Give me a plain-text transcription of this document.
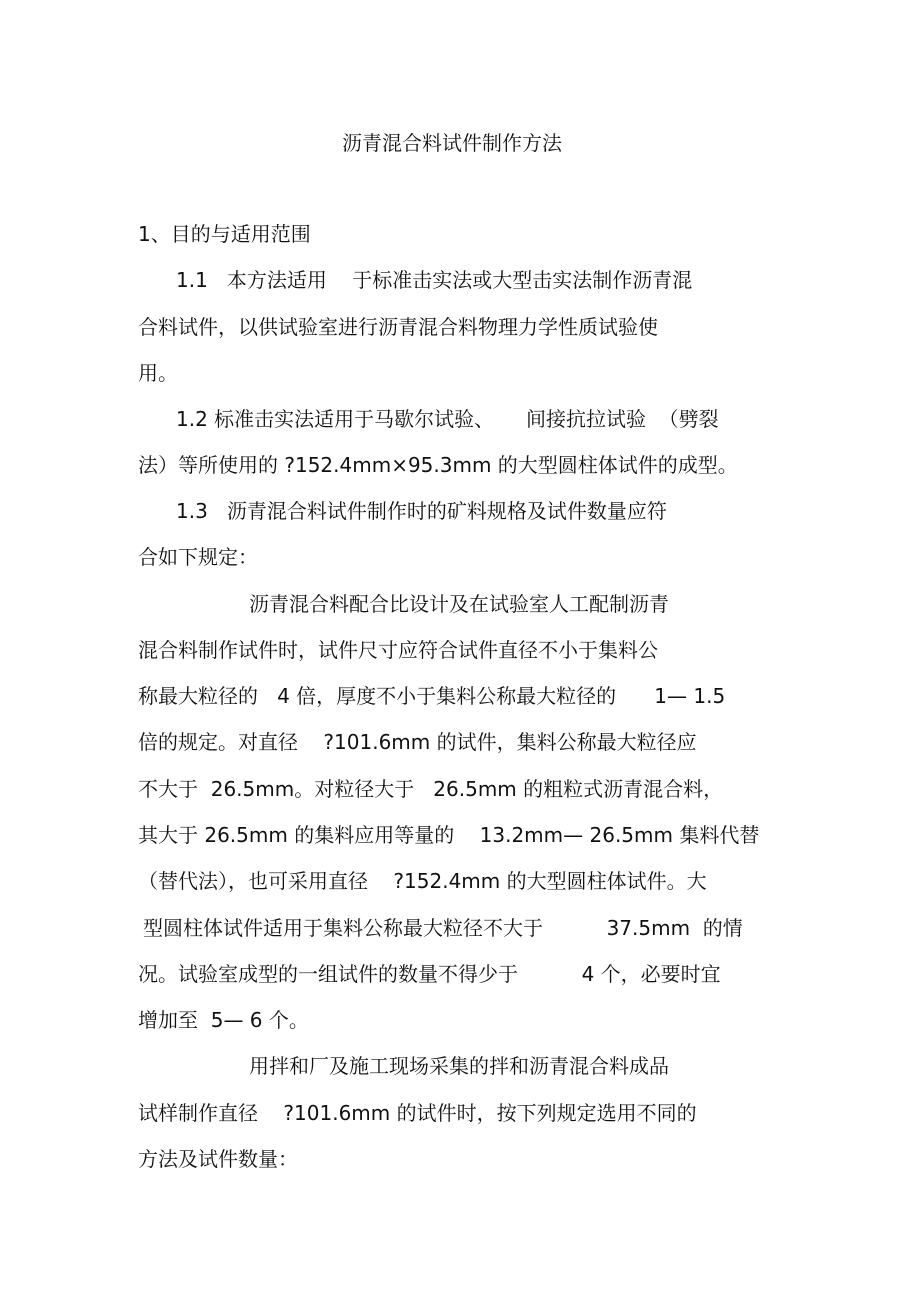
沥青混合料试件制作方法
1、目的与适用范围
1.1   本方法适用    于标准击实法或大型击实法制作沥青混
合料试件，以供试验室进行沥青混合料物理力学性质试验使
用。
1.2 标准击实法适用于马歇尔试验、     间接抗拉试验  （劈裂
法）等所使用的 ?152.4mm×95.3mm 的大型圆柱体试件的成型。
1.3   沥青混合料试件制作时的矿料规格及试件数量应符
合如下规定：
沥青混合料配合比设计及在试验室人工配制沥青
混合料制作试件时，试件尺寸应符合试件直径不小于集料公
称最大粒径的   4 倍，厚度不小于集料公称最大粒径的      1— 1.5
倍的规定。对直径    ?101.6mm 的试件，集料公称最大粒径应
不大于  26.5mm。对粒径大于   26.5mm 的粗粒式沥青混合料，
其大于 26.5mm 的集料应用等量的    13.2mm— 26.5mm 集料代替
（替代法），也可采用直径    ?152.4mm 的大型圆柱体试件。大
型圆柱体试件适用于集料公称最大粒径不大于          37.5mm  的情
况。试验室成型的一组试件的数量不得少于          4 个，必要时宜
增加至  5— 6 个。
用拌和厂及施工现场采集的拌和沥青混合料成品
试样制作直径    ?101.6mm 的试件时，按下列规定选用不同的
方法及试件数量：
